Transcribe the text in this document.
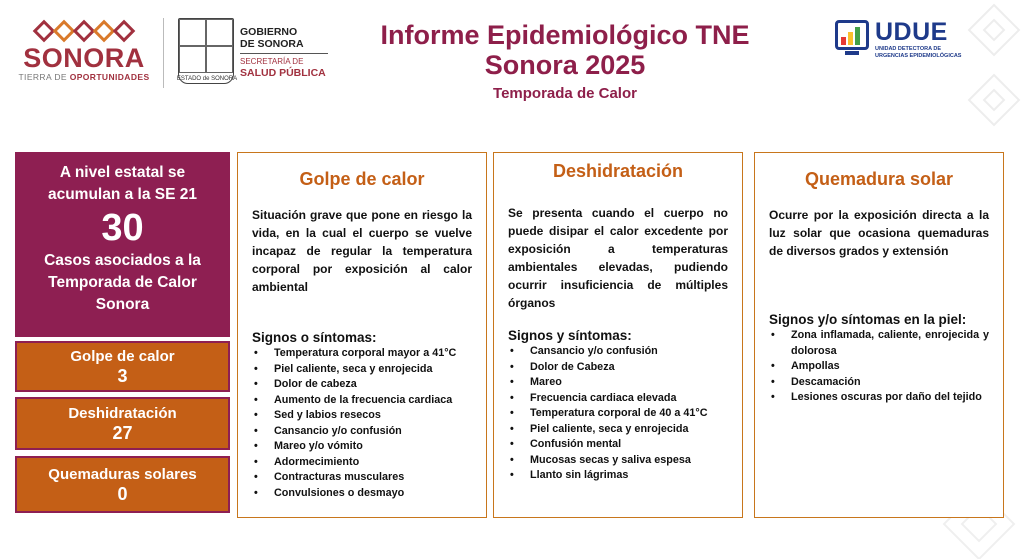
SONORA
TIERRA DE OPORTUNIDADES	ESTADO de SONORA
GOBIERNO
DE SONORA
SECRETARÍA DE
SALUD PÚBLICA
Informe Epidemiológico TNE
Sonora 2025
Temporada de Calor
UDUE
UNIDAD DETECTORA DE
URGENCIAS EPIDEMIOLÓGICAS
A nivel estatal se
acumulan a la SE 21
30
Casos asociados a la
Temporada de Calor
Sonora
Golpe de calor
3
Deshidratación
27
Quemaduras solares
0
Golpe de calor
Situación grave que pone en riesgo la vida, en la cual el cuerpo se vuelve incapaz de regular la temperatura corporal por exposición al calor ambiental
Signos o síntomas:
• Temperatura corporal mayor a 41°C
• Piel caliente, seca y enrojecida
• Dolor de cabeza
• Aumento de la frecuencia cardiaca
• Sed y labios resecos
• Cansancio y/o confusión
• Mareo y/o vómito
• Adormecimiento
• Contracturas musculares
• Convulsiones o desmayo
Deshidratación
Se presenta cuando el cuerpo no puede disipar el calor excedente por exposición a temperaturas ambientales elevadas, pudiendo ocurrir insuficiencia de múltiples órganos
Signos y síntomas:
• Cansancio y/o confusión
• Dolor de Cabeza
• Mareo
• Frecuencia cardiaca elevada
• Temperatura corporal de 40 a 41°C
• Piel caliente, seca y enrojecida
• Confusión mental
• Mucosas secas y saliva espesa
• Llanto sin lágrimas
Quemadura solar
Ocurre por la exposición directa a la luz solar que ocasiona quemaduras de diversos grados y extensión
Signos y/o síntomas en la piel:
• Zona inflamada, caliente, enrojecida y dolorosa
• Ampollas
• Descamación
• Lesiones oscuras por daño del tejido
